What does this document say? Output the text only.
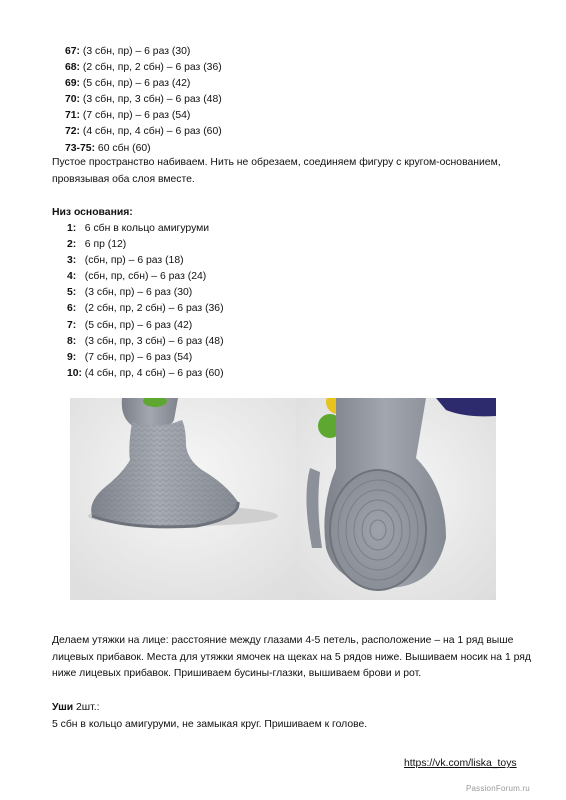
67: (3 сбн, пр) – 6 раз (30)
68: (2 сбн, пр, 2 сбн) – 6 раз (36)
69: (5 сбн, пр) – 6 раз (42)
70: (3 сбн, пр, 3 сбн) – 6 раз (48)
71: (7 сбн, пр) – 6 раз (54)
72: (4 сбн, пр, 4 сбн) – 6 раз (60)
73-75: 60 сбн (60)
Пустое пространство набиваем. Нить не обрезаем, соединяем фигуру с кругом-основанием, провязывая оба слоя вместе.
Низ основания:
1: 6 сбн в кольцо амигуруми
2: 6 пр (12)
3: (сбн, пр) – 6 раз (18)
4: (сбн, пр, сбн) – 6 раз (24)
5: (3 сбн, пр) – 6 раз (30)
6: (2 сбн, пр, 2 сбн) – 6 раз (36)
7: (5 сбн, пр) – 6 раз (42)
8: (3 сбн, пр, 3 сбн) – 6 раз (48)
9: (7 сбн, пр) – 6 раз (54)
10: (4 сбн, пр, 4 сбн) – 6 раз (60)
Делаем утяжки на лице: расстояние между глазами 4-5 петель, расположение – на 1 ряд выше лицевых прибавок. Места для утяжки ямочек на щеках на 5 рядов ниже. Вышиваем носик на 1 ряд ниже лицевых прибавок. Пришиваем бусины-глазки, вышиваем брови и рот.
Уши 2шт.:
5 сбн в кольцо амигуруми, не замыкая круг. Пришиваем к голове.
https://vk.com/liska_toys
PassionForum.ru
